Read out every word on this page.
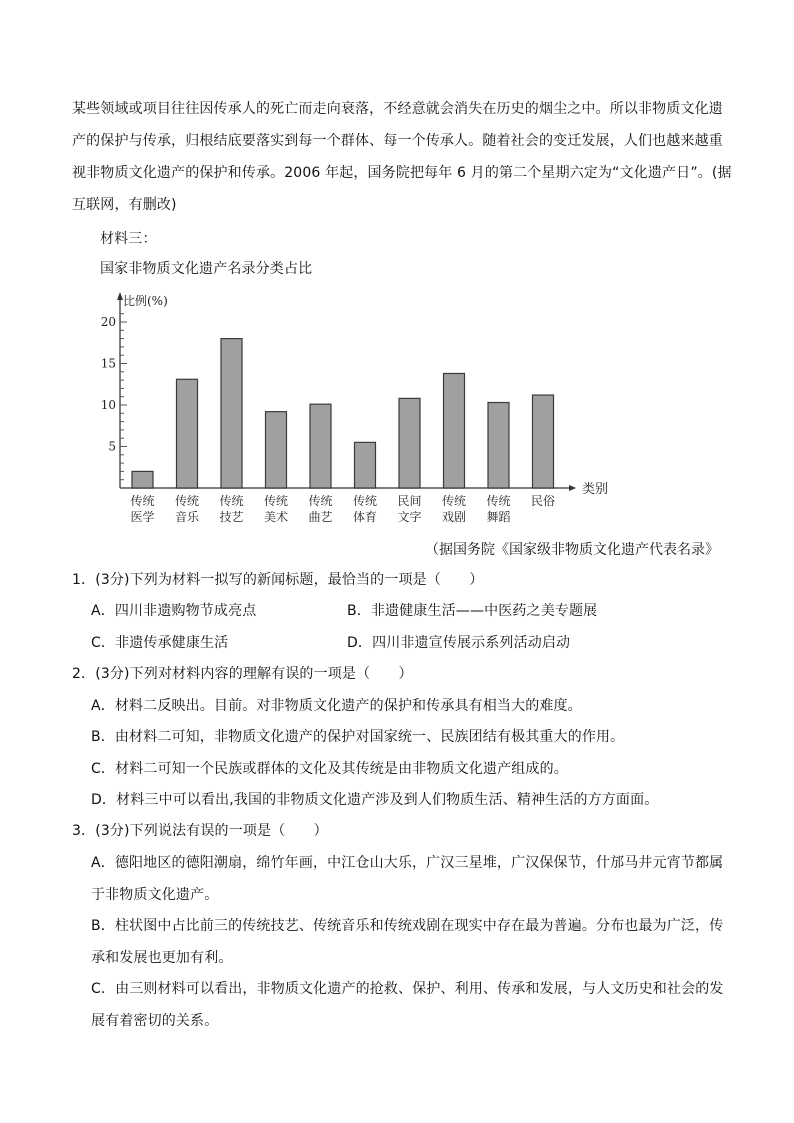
某些领域或项目往往因传承人的死亡而走向衰落，不经意就会消失在历史的烟尘之中。所以非物质文化遗
产的保护与传承，归根结底要落实到每一个群体、每一个传承人。随着社会的变迁发展，人们也越来越重
视非物质文化遗产的保护和传承。2006 年起，国务院把每年 6 月的第二个星期六定为“文化遗产日”。(据
互联网，有删改)
材料三：
国家非物质文化遗产名录分类占比
比例(%)
类别
5
10
15
20
传统
医学
传统
音乐
传统
技艺
传统
美术
传统
曲艺
传统
体育
民间
文字
传统
戏剧
传统
舞蹈
民俗
（据国务院《国家级非物质文化遗产代表名录》
1．(3分)下列为材料一拟写的新闻标题，最恰当的一项是（　　）
A．四川非遗购物节成亮点	B．非遗健康生活——中医药之美专题展
C．非遗传承健康生活	D．四川非遗宣传展示系列活动启动
2．(3分)下列对材料内容的理解有误的一项是（　　）
A．材料二反映出。目前。对非物质文化遗产的保护和传承具有相当大的难度。
B．由材料二可知，非物质文化遗产的保护对国家统一、民族团结有极其重大的作用。
C．材料二可知一个民族或群体的文化及其传统是由非物质文化遗产组成的。
D．材料三中可以看出,我国的非物质文化遗产涉及到人们物质生活、精神生活的方方面面。
3．(3分)下列说法有误的一项是（　　）
A．德阳地区的德阳潮扇，绵竹年画，中江仓山大乐，广汉三星堆，广汉保保节，什邡马井元宵节都属
于非物质文化遗产。
B．柱状图中占比前三的传统技艺、传统音乐和传统戏剧在现实中存在最为普遍。分布也最为广泛，传
承和发展也更加有利。
C．由三则材料可以看出，非物质文化遗产的抢救、保护、利用、传承和发展，与人文历史和社会的发
展有着密切的关系。
